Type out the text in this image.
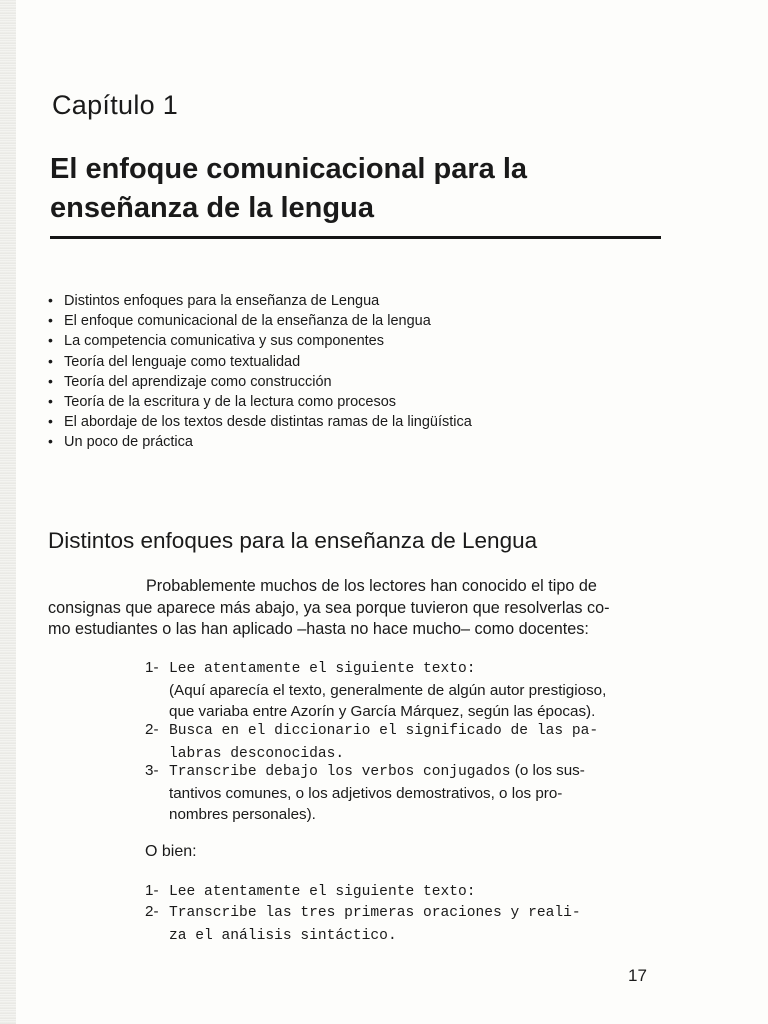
Capítulo 1
El enfoque comunicacional para la
enseñanza de la lengua
• Distintos enfoques para la enseñanza de Lengua
• El enfoque comunicacional de la enseñanza de la lengua
• La competencia comunicativa y sus componentes
• Teoría del lenguaje como textualidad
• Teoría del aprendizaje como construcción
• Teoría de la escritura y de la lectura como procesos
• El abordaje de los textos desde distintas ramas de la lingüística
• Un poco de práctica
Distintos enfoques para la enseñanza de Lengua

Probablemente muchos de los lectores han conocido el tipo de
consignas que aparece más abajo, ya sea porque tuvieron que resolverlas co-
mo estudiantes o las han aplicado –hasta no hace mucho– como docentes:

1- Lee atentamente el siguiente texto:
(Aquí aparecía el texto, generalmente de algún autor prestigioso,
que variaba entre Azorín y García Márquez, según las épocas).
2- Busca en el diccionario el significado de las pa-
labras desconocidas.
3- Transcribe debajo los verbos conjugados (o los sus-
tantivos comunes, o los adjetivos demostrativos, o los pro-
nombres personales).
O bien:
1- Lee atentamente el siguiente texto:
2- Transcribe las tres primeras oraciones y reali-
za el análisis sintáctico.
17
